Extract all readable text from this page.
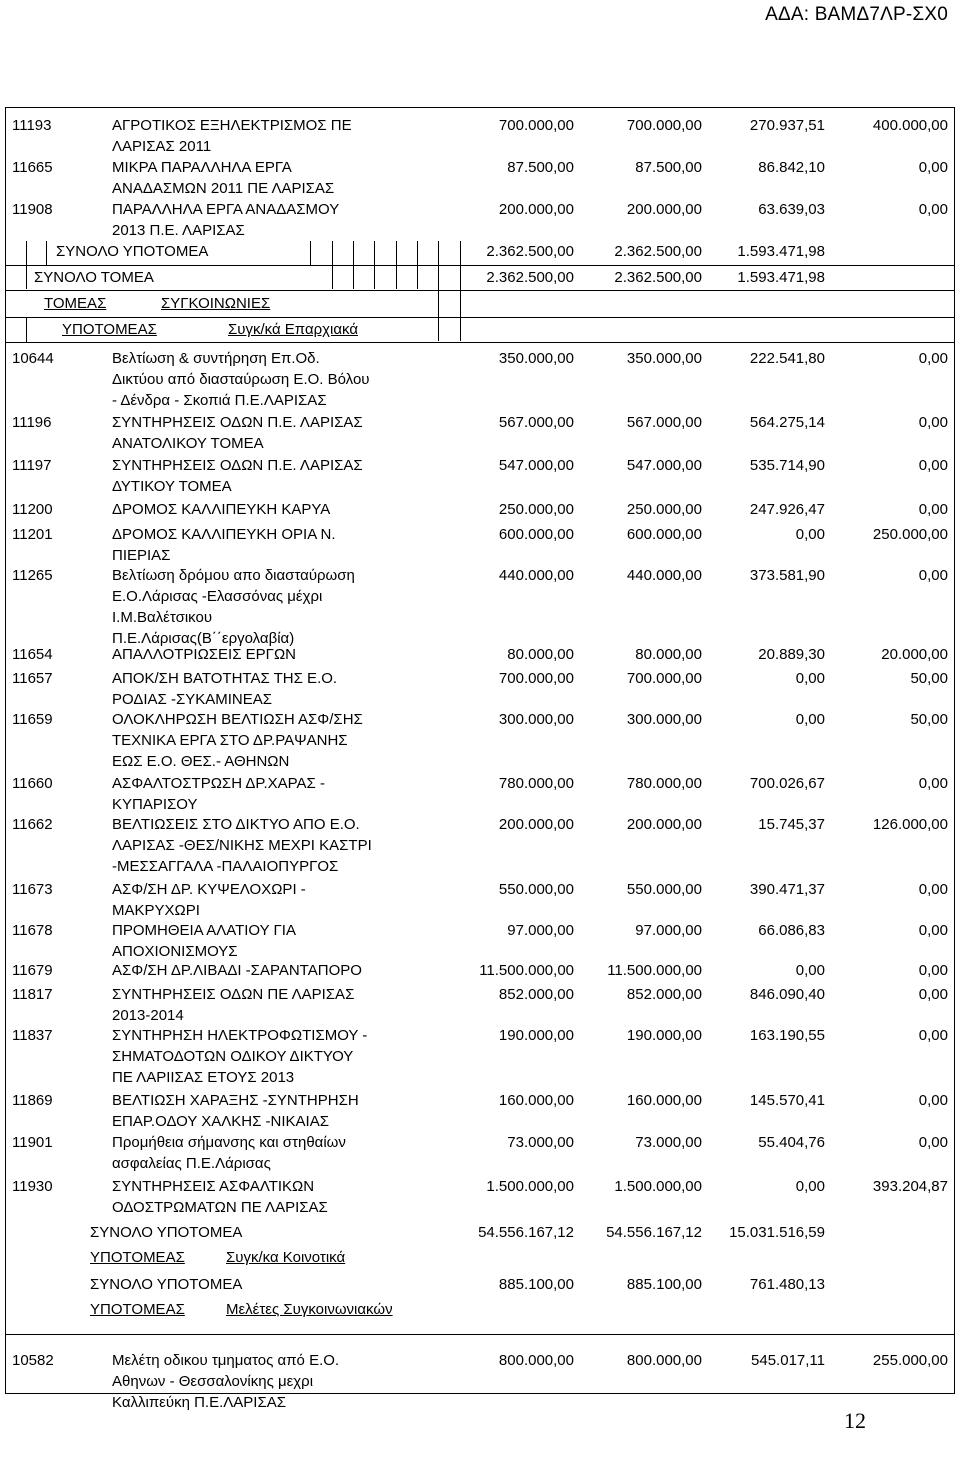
ΑΔΑ: ΒΑΜΔ7ΛΡ-ΣΧ0
11193	ΑΓΡΟΤΙΚΟΣ ΕΞΗΛΕΚΤΡΙΣΜΟΣ ΠΕ
ΛΑΡΙΣΑΣ 2011
700.000,00	700.000,00	270.937,51	400.000,00
11665	ΜΙΚΡΑ ΠΑΡΑΛΛΗΛΑ ΕΡΓΑ
ΑΝΑΔΑΣΜΩΝ 2011 ΠΕ ΛΑΡΙΣΑΣ
87.500,00	87.500,00	86.842,10	0,00
11908	ΠΑΡΑΛΛΗΛΑ ΕΡΓΑ ΑΝΑΔΑΣΜΟΥ
2013 Π.Ε. ΛΑΡΙΣΑΣ
200.000,00	200.000,00	63.639,03	0,00
ΣΥΝΟΛΟ ΥΠΟΤΟΜΕΑ	2.362.500,00	2.362.500,00 1.593.471,98
ΣΥΝΟΛΟ ΤΟΜΕΑ	2.362.500,00	2.362.500,00 1.593.471,98
ΤΟΜΕΑΣ	ΣΥΓΚΟΙΝΩΝΙΕΣ
ΥΠΟΤΟΜΕΑΣ	Συγκ/κά Επαρχιακά
10644	Βελτίωση & συντήρηση Επ.Οδ.
Δικτύου από διασταύρωση Ε.Ο. Βόλου
- Δένδρα - Σκοπιά Π.Ε.ΛΑΡΙΣΑΣ
350.000,00	350.000,00	222.541,80	0,00
11196	ΣΥΝΤΗΡΗΣΕΙΣ ΟΔΩΝ Π.Ε. ΛΑΡΙΣΑΣ
ΑΝΑΤΟΛΙΚΟΥ ΤΟΜΕΑ
567.000,00	567.000,00	564.275,14	0,00
11197	ΣΥΝΤΗΡΗΣΕΙΣ ΟΔΩΝ Π.Ε. ΛΑΡΙΣΑΣ
ΔΥΤΙΚΟΥ ΤΟΜΕΑ
547.000,00	547.000,00	535.714,90	0,00
11200	ΔΡΟΜΟΣ ΚΑΛΛΙΠΕΥΚΗ ΚΑΡΥΑ	250.000,00	250.000,00	247.926,47	0,00
11201	ΔΡΟΜΟΣ ΚΑΛΛΙΠΕΥΚΗ ΟΡΙΑ Ν.
ΠΙΕΡΙΑΣ
600.000,00	600.000,00	0,00	250.000,00
11265	Βελτίωση δρόμου απο διασταύρωση
Ε.Ο.Λάρισας -Ελασσόνας μέχρι
Ι.Μ.Βαλέτσικου
Π.Ε.Λάρισας(Β΄΄εργολαβία)
440.000,00	440.000,00	373.581,90	0,00
11654	ΑΠΑΛΛΟΤΡΙΩΣΕΙΣ ΕΡΓΩΝ	80.000,00	80.000,00	20.889,30	20.000,00
11657	ΑΠΟΚ/ΣΗ ΒΑΤΟΤΗΤΑΣ ΤΗΣ Ε.Ο.
ΡΟΔΙΑΣ -ΣΥΚΑΜΙΝΕΑΣ
700.000,00	700.000,00	0,00	50,00
11659	ΟΛΟΚΛΗΡΩΣΗ ΒΕΛΤΙΩΣΗ ΑΣΦ/ΣΗΣ
ΤΕΧΝΙΚΑ ΕΡΓΑ ΣΤΟ ΔΡ.ΡΑΨΑΝΗΣ
ΕΩΣ Ε.Ο. ΘΕΣ.- ΑΘΗΝΩΝ
300.000,00	300.000,00	0,00	50,00
11660	ΑΣΦΑΛΤΟΣΤΡΩΣΗ ΔΡ.ΧΑΡΑΣ -
ΚΥΠΑΡΙΣΟΥ
780.000,00	780.000,00	700.026,67	0,00
11662	ΒΕΛΤΙΩΣΕΙΣ ΣΤΟ ΔΙΚΤΥΟ ΑΠΟ Ε.Ο.
ΛΑΡΙΣΑΣ -ΘΕΣ/ΝΙΚΗΣ ΜΕΧΡΙ ΚΑΣΤΡΙ
-ΜΕΣΣΑΓΓΑΛΑ -ΠΑΛΑΙΟΠΥΡΓΟΣ
200.000,00	200.000,00	15.745,37	126.000,00
11673	ΑΣΦ/ΣΗ ΔΡ. ΚΥΨΕΛΟΧΩΡΙ -
ΜΑΚΡΥΧΩΡΙ
550.000,00	550.000,00	390.471,37	0,00
11678	ΠΡΟΜΗΘΕΙΑ ΑΛΑΤΙΟΥ ΓΙΑ
ΑΠΟΧΙΟΝΙΣΜΟΥΣ
97.000,00	97.000,00	66.086,83	0,00
11679	ΑΣΦ/ΣΗ ΔΡ.ΛΙΒΑΔΙ -ΣΑΡΑΝΤΑΠΟΡΟ	11.500.000,00 11.500.000,00	0,00	0,00
11817	ΣΥΝΤΗΡΗΣΕΙΣ ΟΔΩΝ ΠΕ ΛΑΡΙΣΑΣ
2013-2014
852.000,00	852.000,00	846.090,40	0,00
11837	ΣΥΝΤΗΡΗΣΗ ΗΛΕΚΤΡΟΦΩΤΙΣΜΟΥ -
ΣΗΜΑΤΟΔΟΤΩΝ ΟΔΙΚΟΥ ΔΙΚΤΥΟΥ
ΠΕ ΛΑΡΙΙΣΑΣ ΕΤΟΥΣ 2013
190.000,00	190.000,00	163.190,55	0,00
11869	ΒΕΛΤΙΩΣΗ ΧΑΡΑΞΗΣ -ΣΥΝΤΗΡΗΣΗ
ΕΠΑΡ.ΟΔΟΥ ΧΑΛΚΗΣ -ΝΙΚΑΙΑΣ
160.000,00	160.000,00	145.570,41	0,00
11901	Προμήθεια σήμανσης και στηθαίων
ασφαλείας Π.Ε.Λάρισας
73.000,00	73.000,00	55.404,76	0,00
11930	ΣΥΝΤΗΡΗΣΕΙΣ ΑΣΦΑΛΤΙΚΩΝ
ΟΔΟΣΤΡΩΜΑΤΩΝ ΠΕ ΛΑΡΙΣΑΣ
1.500.000,00	1.500.000,00	0,00	393.204,87
ΣΥΝΟΛΟ ΥΠΟΤΟΜΕΑ	54.556.167,12 54.556.167,12 15.031.516,59
ΥΠΟΤΟΜΕΑΣ	Συγκ/κα Κοινοτικά
ΣΥΝΟΛΟ ΥΠΟΤΟΜΕΑ	885.100,00	885.100,00	761.480,13
ΥΠΟΤΟΜΕΑΣ	Μελέτες Συγκοινωνιακών
10582	Μελέτη οδικου τμηματος από Ε.Ο.
Αθηνων - Θεσσαλονίκης μεχρι
Καλλιπεύκη Π.Ε.ΛΑΡΙΣΑΣ
800.000,00	800.000,00	545.017,11	255.000,00
12
